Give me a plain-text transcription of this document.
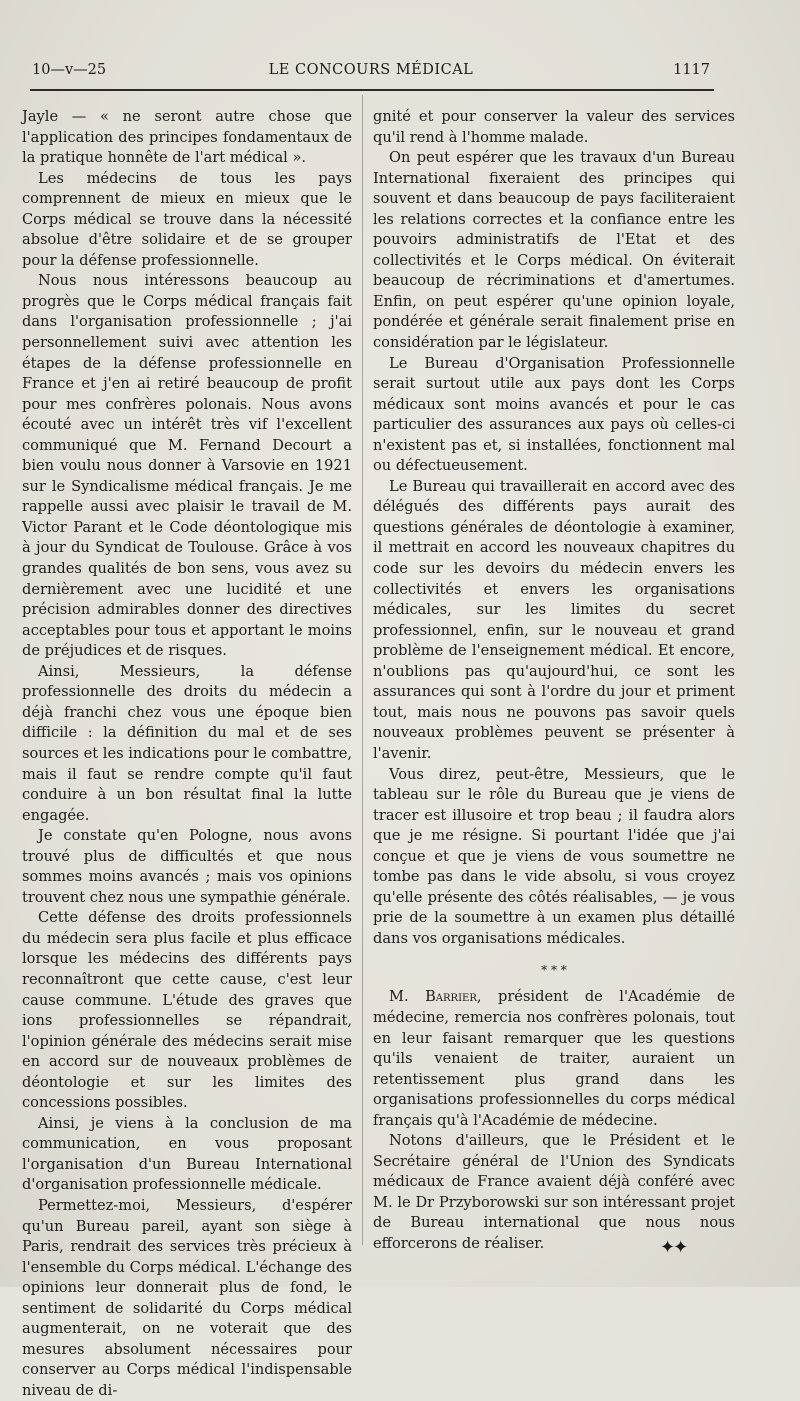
10—v—25	LE CONCOURS MÉDICAL	1117

Jayle — « ne seront autre chose que l'application des principes fondamentaux de la pratique honnête de l'art médical ».

Les médecins de tous les pays comprennent de mieux en mieux que le Corps médical se trouve dans la nécessité absolue d'être solidaire et de se grouper pour la défense professionnelle.

Nous nous intéressons beaucoup au progrès que le Corps médical français fait dans l'organisation professionnelle ; j'ai personnellement suivi avec attention les étapes de la défense professionnelle en France et j'en ai retiré beaucoup de profit pour mes confrères polonais. Nous avons écouté avec un intérêt très vif l'excellent communiqué que M. Fernand Decourt a bien voulu nous donner à Varsovie en 1921 sur le Syndicalisme médical français. Je me rappelle aussi avec plaisir le travail de M. Victor Parant et le Code déontologique mis à jour du Syndicat de Toulouse. Grâce à vos grandes qualités de bon sens, vous avez su dernièrement avec une lucidité et une précision admirables donner des directives acceptables pour tous et apportant le moins de préjudices et de risques.

Ainsi, Messieurs, la défense professionnelle des droits du médecin a déjà franchi chez vous une époque bien difficile : la définition du mal et de ses sources et les indications pour le combattre, mais il faut se rendre compte qu'il faut conduire à un bon résultat final la lutte engagée.

Je constate qu'en Pologne, nous avons trouvé plus de difficultés et que nous sommes moins avancés ; mais vos opinions trouvent chez nous une sympathie générale.

Cette défense des droits professionnels du médecin sera plus facile et plus efficace lorsque les médecins des différents pays reconnaîtront que cette cause, c'est leur cause commune. L'étude des graves que ions professionnelles se répandrait, l'opinion générale des médecins serait mise en accord sur de nouveaux problèmes de déontologie et sur les limites des concessions possibles.

Ainsi, je viens à la conclusion de ma communication, en vous proposant l'organisation d'un Bureau International d'organisation professionnelle médicale.

Permettez-moi, Messieurs, d'espérer qu'un Bureau pareil, ayant son siège à Paris, rendrait des services très précieux à l'ensemble du Corps médical. L'échange des opinions leur donnerait plus de fond, le sentiment de solidarité du Corps médical augmenterait, on ne voterait que des mesures absolument nécessaires pour conserver au Corps médical l'indispensable niveau de di-

gnité et pour conserver la valeur des services qu'il rend à l'homme malade.

On peut espérer que les travaux d'un Bureau International fixeraient des principes qui souvent et dans beaucoup de pays faciliteraient les relations correctes et la confiance entre les pouvoirs administratifs de l'Etat et des collectivités et le Corps médical. On éviterait beaucoup de récriminations et d'amertumes. Enfin, on peut espérer qu'une opinion loyale, pondérée et générale serait finalement prise en considération par le législateur.

Le Bureau d'Organisation Professionnelle serait surtout utile aux pays dont les Corps médicaux sont moins avancés et pour le cas particulier des assurances aux pays où celles-ci n'existent pas et, si installées, fonctionnent mal ou défectueusement.

Le Bureau qui travaillerait en accord avec des délégués des différents pays aurait des questions générales de déontologie à examiner, il mettrait en accord les nouveaux chapitres du code sur les devoirs du médecin envers les collectivités et envers les organisations médicales, sur les limites du secret professionnel, enfin, sur le nouveau et grand problème de l'enseignement médical. Et encore, n'oublions pas qu'aujourd'hui, ce sont les assurances qui sont à l'ordre du jour et priment tout, mais nous ne pouvons pas savoir quels nouveaux problèmes peuvent se présenter à l'avenir.

Vous direz, peut-être, Messieurs, que le tableau sur le rôle du Bureau que je viens de tracer est illusoire et trop beau ; il faudra alors que je me résigne. Si pourtant l'idée que j'ai conçue et que je viens de vous soumettre ne tombe pas dans le vide absolu, si vous croyez qu'elle présente des côtés réalisables, — je vous prie de la soumettre à un examen plus détaillé dans vos organisations médicales.

* * *

M. Barrier, président de l'Académie de médecine, remercia nos confrères polonais, tout en leur faisant remarquer que les questions qu'ils venaient de traiter, auraient un retentissement plus grand dans les organisations professionnelles du corps médical français qu'à l'Académie de médecine.

Notons d'ailleurs, que le Président et le Secrétaire général de l'Union des Syndicats médicaux de France avaient déjà conféré avec M. le Dr Przyborowski sur son intéressant projet de Bureau international que nous nous efforcerons de réaliser.	✦✦
